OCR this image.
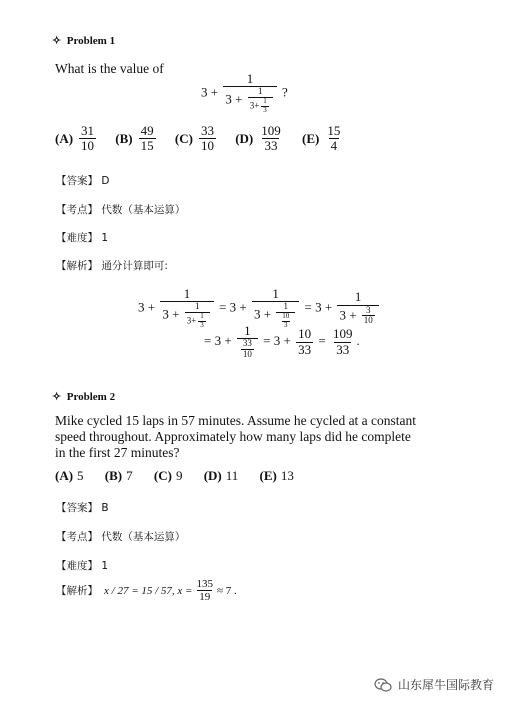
✧ Problem 1
What is the value of
$3 + \frac{1}{3 + \frac{1}{3+ \frac{1}{3}}}$ ?
$(A) \frac{31}{10}$
$(B) \frac{49}{15}$
$(C) \frac{33}{10}$
$(D) \frac{109}{33}$
$(E) \frac{15}{4}$
【答案】 D
【考点】 代数（基本运算）
【难度】 1
【解析】 通分计算即可:
$3 + \frac{1}{3 + \frac{1}{3+ \frac{1}{3}}} = 3 + \frac{1}{3 + \frac{1}{\frac{10}{3}}} = 3 + \frac{1}{3 + \frac{3}{10}}$
= $3 + \frac{1}{\frac{33}{10}} = 3 + \frac{10}{33} = \frac{109}{33}$ .
✧ Problem 2
Mike cycled 15 laps in 57 minutes. Assume he cycled at a constant
speed throughout. Approximately how many laps did he complete
in the first 27 minutes?
(A) 5
(B) 7
(C) 9
(D) 11
(E) 13
【答案】 B
【考点】 代数（基本运算）
【难度】 1
【解析】 x / 27 = 15 / 57, $x = \frac{135}{19} \approx 7$ .
山东犀牛国际教育
